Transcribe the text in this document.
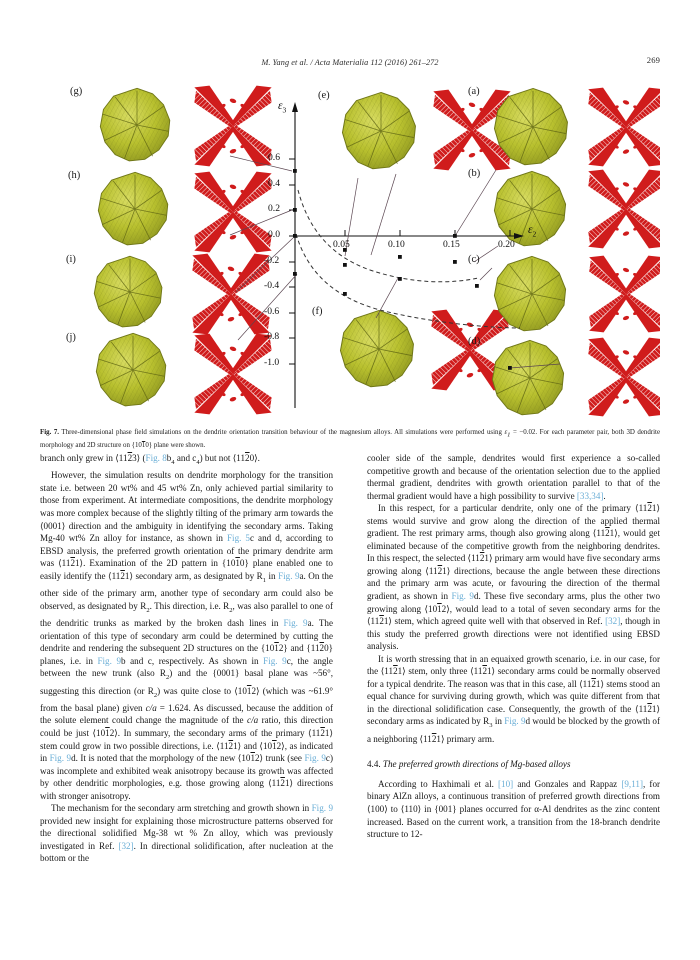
M. Yang et al. / Acta Materialia 112 (2016) 261–272	269
0.6
0.4
0.2
0.0
-0.2
-0.4
-0.6
-0.8
-1.0
0.05	0.10	0.15	0.20
$\varepsilon_3$
$\varepsilon_2$
(g)
(h)
(i)
(j)
(e)
(f)
(a)
(b)
(c)
(d)
Fig. 7. Three-dimensional phase field simulations on the dendrite orientation transition behaviour of the magnesium alloys. All simulations were performed using $\varepsilon_1 = -0.02$. For each parameter pair, both 3D dendrite morphology and 2D structure on {1010} plane were shown.

branch only grew in ⟨1123⟩ (Fig. $8b_4$ and $c_4$) but not ⟨1120⟩.

However, the simulation results on dendrite morphology for the transition state i.e. between 20 wt% and 45 wt% Zn, only achieved partial similarity to those from experiment. At intermediate compositions, the dendrite morphology was more complex because of the slightly tilting of the primary arm towards the ⟨0001⟩ direction and the ambiguity in identifying the secondary arms. Taking Mg-40 wt% Zn alloy for instance, as shown in Fig. 5c and d, according to EBSD analysis, the preferred growth orientation of the primary dendrite arm was ⟨1121⟩. Examination of the 2D pattern in {1010} plane enabled one to easily identify the ⟨1121⟩ secondary arm, as designated by $R_1$ in Fig. 9a. On the other side of the primary arm, another type of secondary arm could also be observed, as designated by $R_2$. This direction, i.e. $R_2$, was also parallel to one of the dendritic trunks as marked by the broken dash lines in Fig. 9a. The orientation of this type of secondary arm could be determined by cutting the dendrite and rendering the subsequent 2D structures on the {1012} and {1120} planes, i.e. in Fig. 9b and c, respectively. As shown in Fig. 9c, the angle between the new trunk (also $R_2$) and the {0001} basal plane was ~56°, suggesting this direction (or $R_2$) was quite close to ⟨1012⟩ (which was ~61.9° from the basal plane) given c/a = 1.624. As discussed, because the addition of the solute element could change the magnitude of the c/a ratio, this direction could be just ⟨1012⟩. In summary, the secondary arms of the primary ⟨1121⟩ stem could grow in two possible directions, i.e. ⟨1121⟩ and ⟨1012⟩, as indicated in Fig. 9d. It is noted that the morphology of the new ⟨1012⟩ trunk (see Fig. 9c) was incomplete and exhibited weak anisotropy because its growth was affected by other dendritic morphologies, e.g. those growing along ⟨1121⟩ directions with stronger anisotropy.

The mechanism for the secondary arm stretching and growth shown in Fig. 9 provided new insight for explaining those microstructure patterns observed for the directional solidified Mg-38 wt % Zn alloy, which was previously investigated in Ref. [32]. In directional solidification, after nucleation at the bottom or the

cooler side of the sample, dendrites would first experience a so-called competitive growth and because of the orientation selection due to the applied thermal gradient, dendrites with growth orientation parallel to that of the thermal gradient would have a high possibility to survive [33,34].

In this respect, for a particular dendrite, only one of the primary ⟨1121⟩ stems would survive and grow along the direction of the applied thermal gradient. The rest primary arms, though also growing along ⟨1121⟩, would get eliminated because of the competitive growth from the neighboring dendrites. In this respect, the selected ⟨1121⟩ primary arm would have five secondary arms growing along ⟨1121⟩ directions, because the angle between these directions and the primary arm was acute, or favouring the direction of the thermal gradient, as shown in Fig. 9d. These five secondary arms, plus the other two growing along ⟨1012⟩, would lead to a total of seven secondary arms for the ⟨1121⟩ stem, which agreed quite well with that observed in Ref. [32], though in this study the preferred growth directions were not identified using EBSD analysis.

It is worth stressing that in an equaixed growth scenario, i.e. in our case, for the ⟨1121⟩ stem, only three ⟨1121⟩ secondary arms could be normally observed for a typical dendrite. The reason was that in this case, all ⟨1121⟩ stems stood an equal chance for surviving during growth, which was quite different from that in the directional solidification case. Consequently, the growth of the ⟨1121⟩ secondary arms as indicated by $R_3$ in Fig. 9d would be blocked by the growth of a neighboring ⟨1121⟩ primary arm.

4.4. The preferred growth directions of Mg-based alloys

According to Haxhimali et al. [10] and Gonzales and Rappaz [9,11], for binary AlZn alloys, a continuous transition of preferred growth directions from ⟨100⟩ to ⟨110⟩ in {001} planes occurred for α-Al dendrites as the zinc content increased. Based on the current work, a transition from the 18-branch dendrite structure to 12-
